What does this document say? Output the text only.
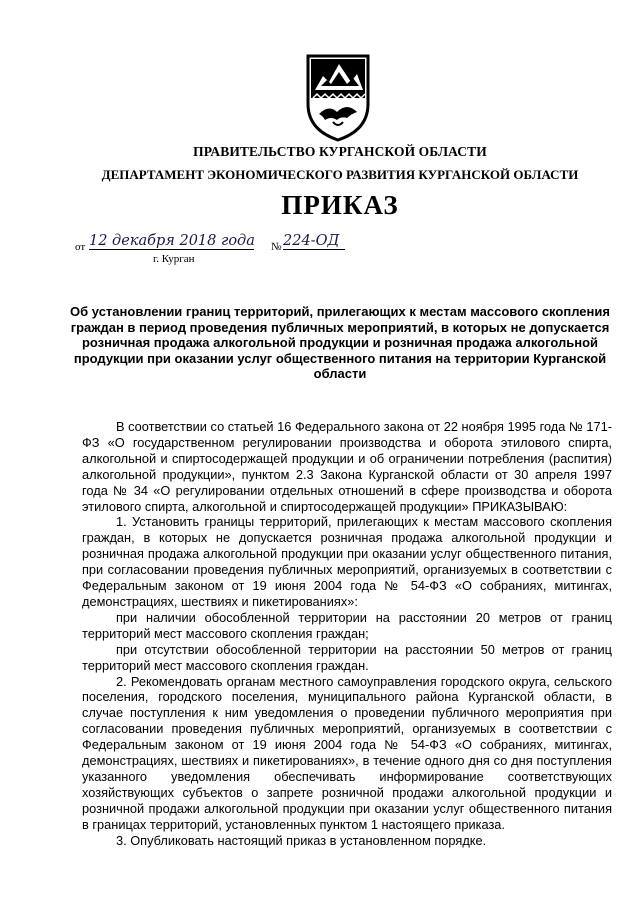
ПРАВИТЕЛЬСТВО КУРГАНСКОЙ ОБЛАСТИ
ДЕПАРТАМЕНТ ЭКОНОМИЧЕСКОГО РАЗВИТИЯ КУРГАНСКОЙ ОБЛАСТИ
ПРИКАЗ
от 12 декабря 2018 года № 224-ОД
г. Курган
Об установлении границ территорий, прилегающих к местам массового скопления граждан в период проведения публичных мероприятий, в которых не допускается розничная продажа алкогольной продукции и розничная продажа алкогольной продукции при оказании услуг общественного питания на территории Курганской области

В соответствии со статьей 16 Федерального закона от 22 ноября 1995 года № 171-ФЗ «О государственном регулировании производства и оборота этилового спирта, алкогольной и спиртосодержащей продукции и об ограничении потребления (распития) алкогольной продукции», пунктом 2.3 Закона Курганской области от 30 апреля 1997 года № 34 «О регулировании отдельных отношений в сфере производства и оборота этилового спирта, алкогольной и спиртосодержащей продукции» ПРИКАЗЫВАЮ:

1. Установить границы территорий, прилегающих к местам массового скопления граждан, в которых не допускается розничная продажа алкогольной продукции и розничная продажа алкогольной продукции при оказании услуг общественного питания, при согласовании проведения публичных мероприятий, организуемых в соответствии с Федеральным законом от 19 июня 2004 года № 54-ФЗ «О собраниях, митингах, демонстрациях, шествиях и пикетированиях»:

при наличии обособленной территории на расстоянии 20 метров от границ территорий мест массового скопления граждан;

при отсутствии обособленной территории на расстоянии 50 метров от границ территорий мест массового скопления граждан.

2. Рекомендовать органам местного самоуправления городского округа, сельского поселения, городского поселения, муниципального района Курганской области, в случае поступления к ним уведомления о проведении публичного мероприятия при согласовании проведения публичных мероприятий, организуемых в соответствии с Федеральным законом от 19 июня 2004 года № 54-ФЗ «О собраниях, митингах, демонстрациях, шествиях и пикетированиях», в течение одного дня со дня поступления указанного уведомления обеспечивать информирование соответствующих хозяйствующих субъектов о запрете розничной продажи алкогольной продукции и розничной продажи алкогольной продукции при оказании услуг общественного питания в границах территорий, установленных пунктом 1 настоящего приказа.

3. Опубликовать настоящий приказ в установленном порядке.
